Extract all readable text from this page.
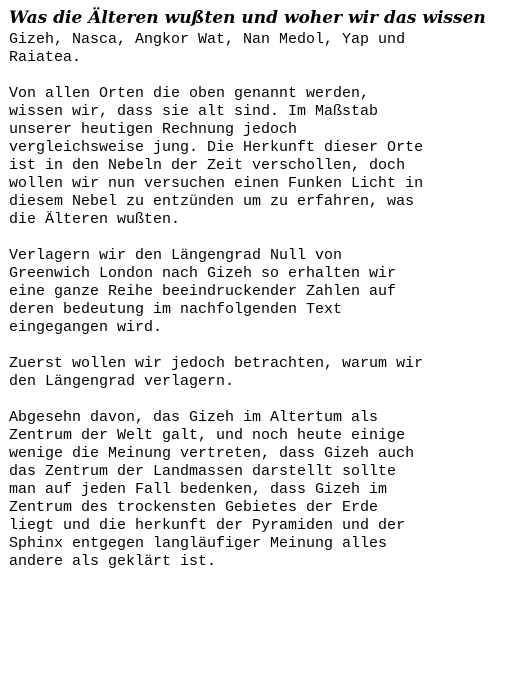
Was die Älteren wußten und woher wir das wissen

Gizeh, Nasca, Angkor Wat, Nan Medol, Yap und
Raiatea.

Von allen Orten die oben genannt werden,
wissen wir, dass sie alt sind. Im Maßstab
unserer heutigen Rechnung jedoch
vergleichsweise jung. Die Herkunft dieser Orte
ist in den Nebeln der Zeit verschollen, doch
wollen wir nun versuchen einen Funken Licht in
diesem Nebel zu entzünden um zu erfahren, was
die Älteren wußten.

Verlagern wir den Längengrad Null von
Greenwich London nach Gizeh so erhalten wir
eine ganze Reihe beeindruckender Zahlen auf
deren bedeutung im nachfolgenden Text
eingegangen wird.

Zuerst wollen wir jedoch betrachten, warum wir
den Längengrad verlagern.

Abgesehn davon, das Gizeh im Altertum als
Zentrum der Welt galt, und noch heute einige
wenige die Meinung vertreten, dass Gizeh auch
das Zentrum der Landmassen darstellt sollte
man auf jeden Fall bedenken, dass Gizeh im
Zentrum des trockensten Gebietes der Erde
liegt und die herkunft der Pyramiden und der
Sphinx entgegen langläufiger Meinung alles
andere als geklärt ist.
